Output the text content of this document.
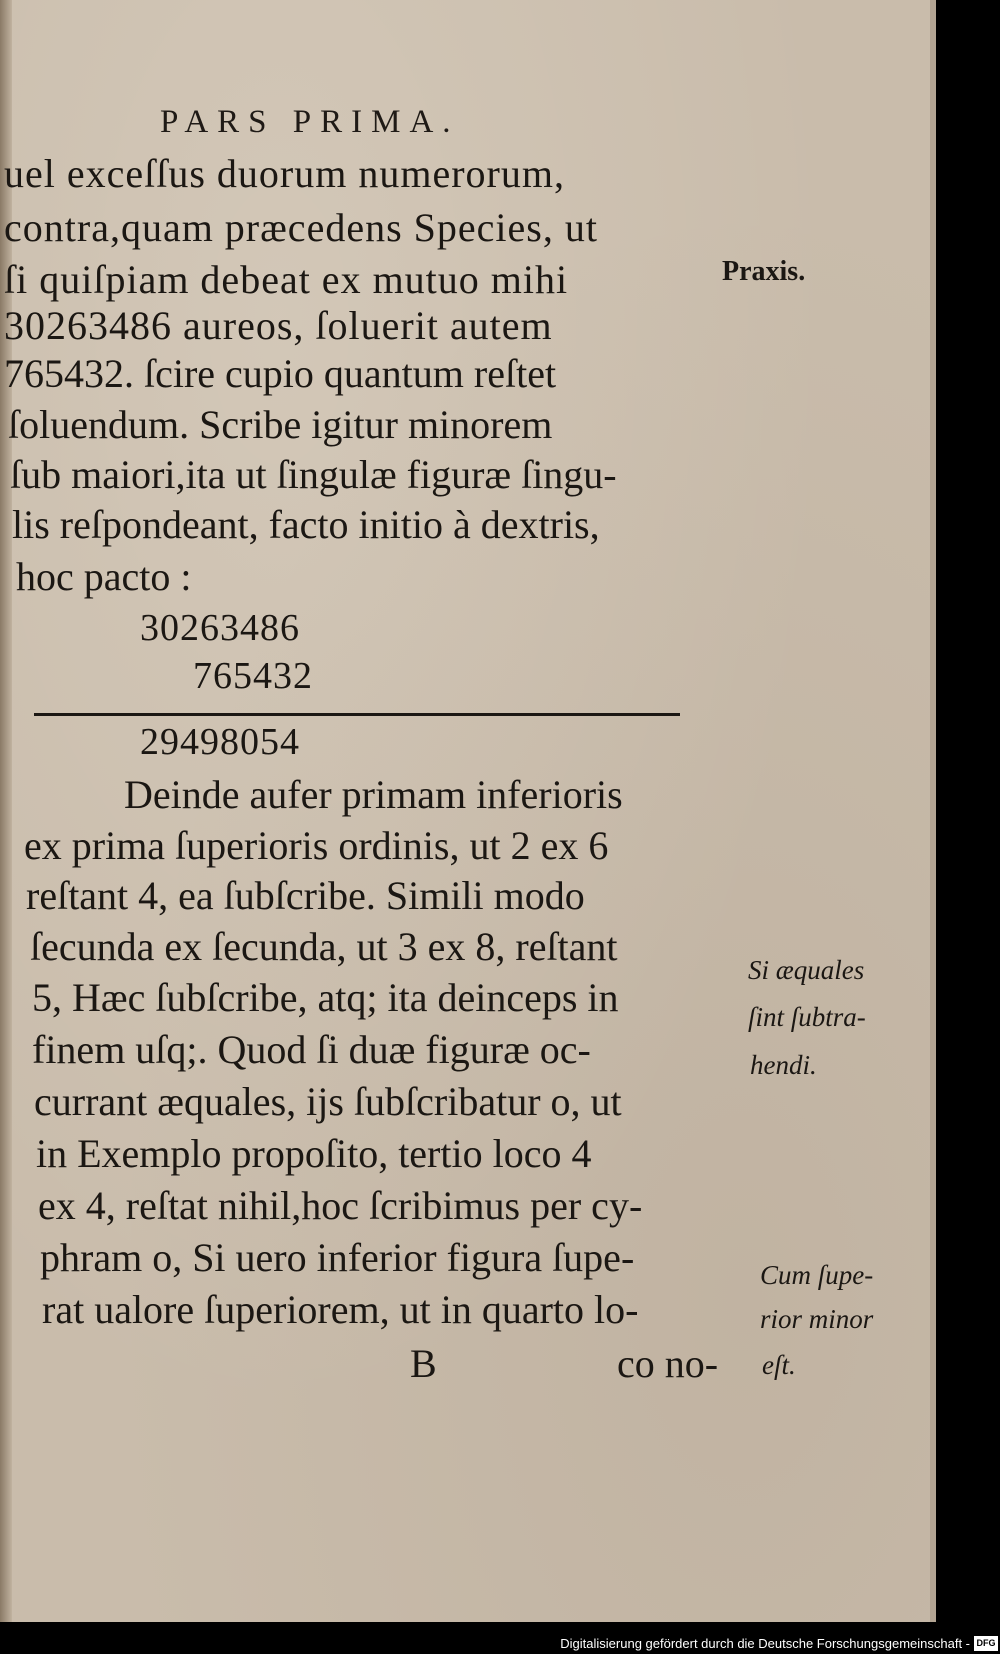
PARS PRIMA.
uel exceſſus duorum numerorum,
contra,quam præcedens Species, ut
ſi quiſpiam debeat ex mutuo mihi
30263486 aureos, ſoluerit autem
765432. ſcire cupio quantum reſtet
ſoluendum. Scribe igitur minorem
ſub maiori,ita ut ſingulæ figuræ ſingu-
lis reſpondeant, facto initio à dextris,
hoc pacto :
30263486
765432
29498054
Deinde aufer primam inferioris
ex prima ſuperioris ordinis, ut 2 ex 6
reſtant 4, ea ſubſcribe. Simili modo
ſecunda ex ſecunda, ut 3 ex 8, reſtant
5, Hæc ſubſcribe, atq; ita deinceps in
finem uſq;. Quod ſi duæ figuræ oc-
currant æquales, ijs ſubſcribatur o, ut
in Exemplo propoſito, tertio loco 4
ex 4, reſtat nihil,hoc ſcribimus per cy-
phram o, Si uero inferior figura ſupe-
rat ualore ſuperiorem, ut in quarto lo-
B	co no-
Praxis.
Si æquales
ſint ſubtra-
hendi.
Cum ſupe-
rior minor
eſt.
Digitalisierung gefördert durch die Deutsche Forschungsgemeinschaft - DFG
